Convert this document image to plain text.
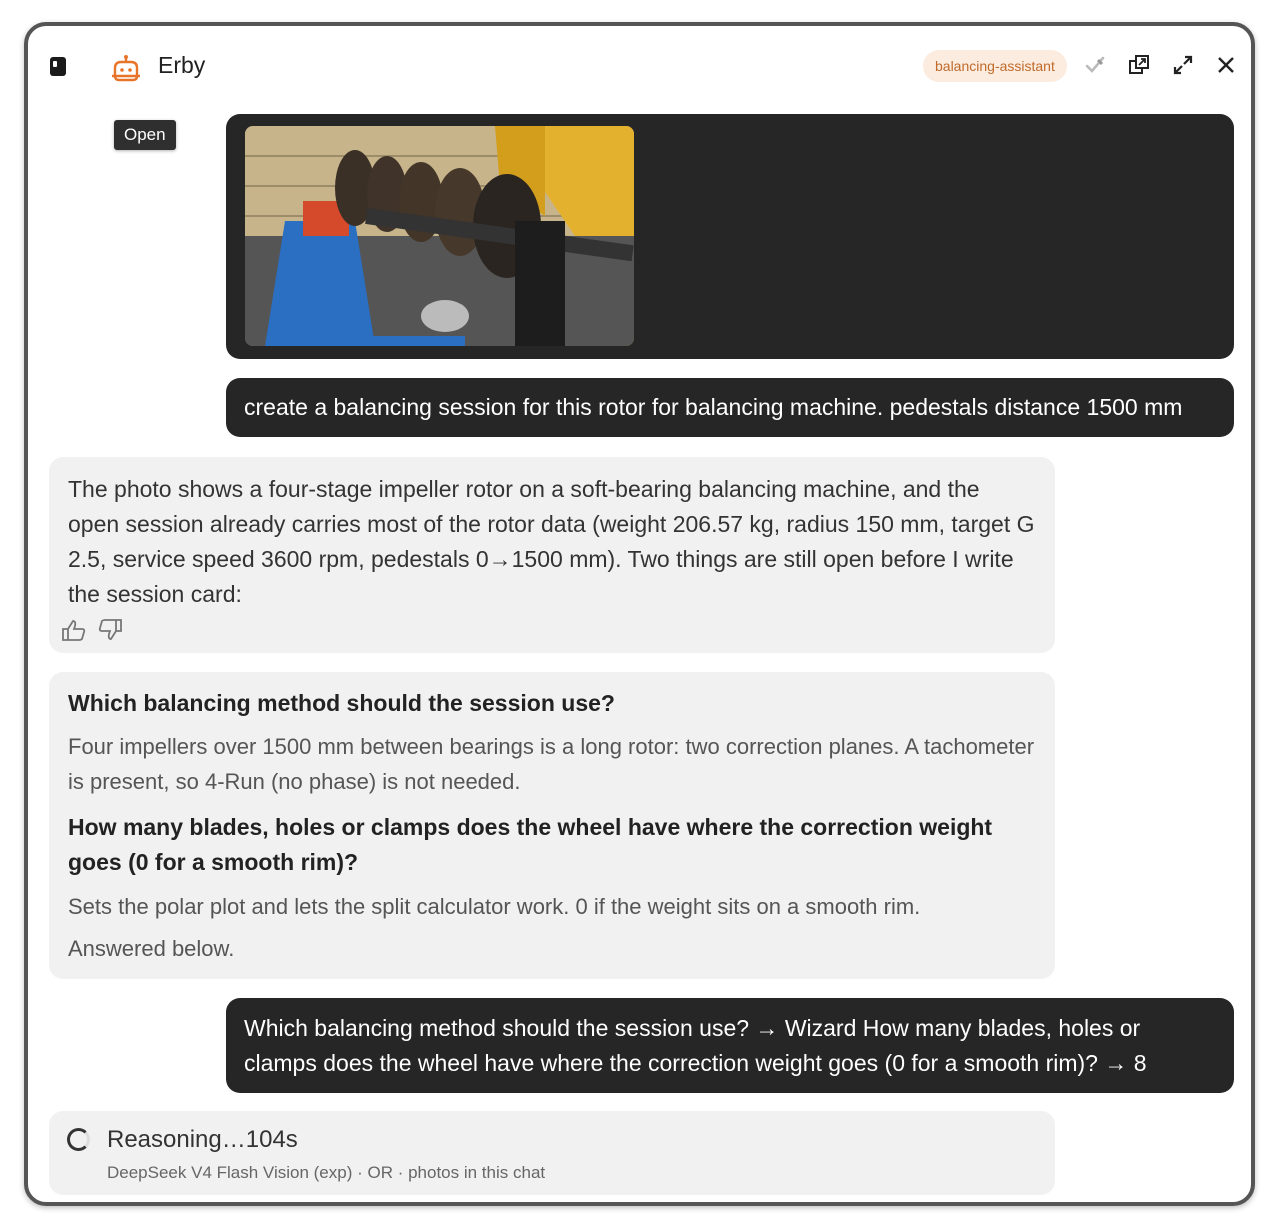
Erby	balancing-assistant
create a balancing session for this rotor for balancing machine. pedestals distance 1500 mm
The photo shows a four-stage impeller rotor on a soft-bearing balancing machine, and the open session already carries most of the rotor data (weight 206.57 kg, radius 150 mm, target G 2.5, service speed 3600 rpm, pedestals 0→1500 mm). Two things are still open before I write the session card:
Which balancing method should the session use?
Four impellers over 1500 mm between bearings is a long rotor: two correction planes. A tachometer is present, so 4-Run (no phase) is not needed.
How many blades, holes or clamps does the wheel have where the correction weight goes (0 for a smooth rim)?
Sets the polar plot and lets the split calculator work. 0 if the weight sits on a smooth rim.
Answered below.
Which balancing method should the session use? → Wizard How many blades, holes or clamps does the wheel have where the correction weight goes (0 for a smooth rim)? → 8
Reasoning…104s
DeepSeek V4 Flash Vision (exp) · OR · photos in this chat
Open
